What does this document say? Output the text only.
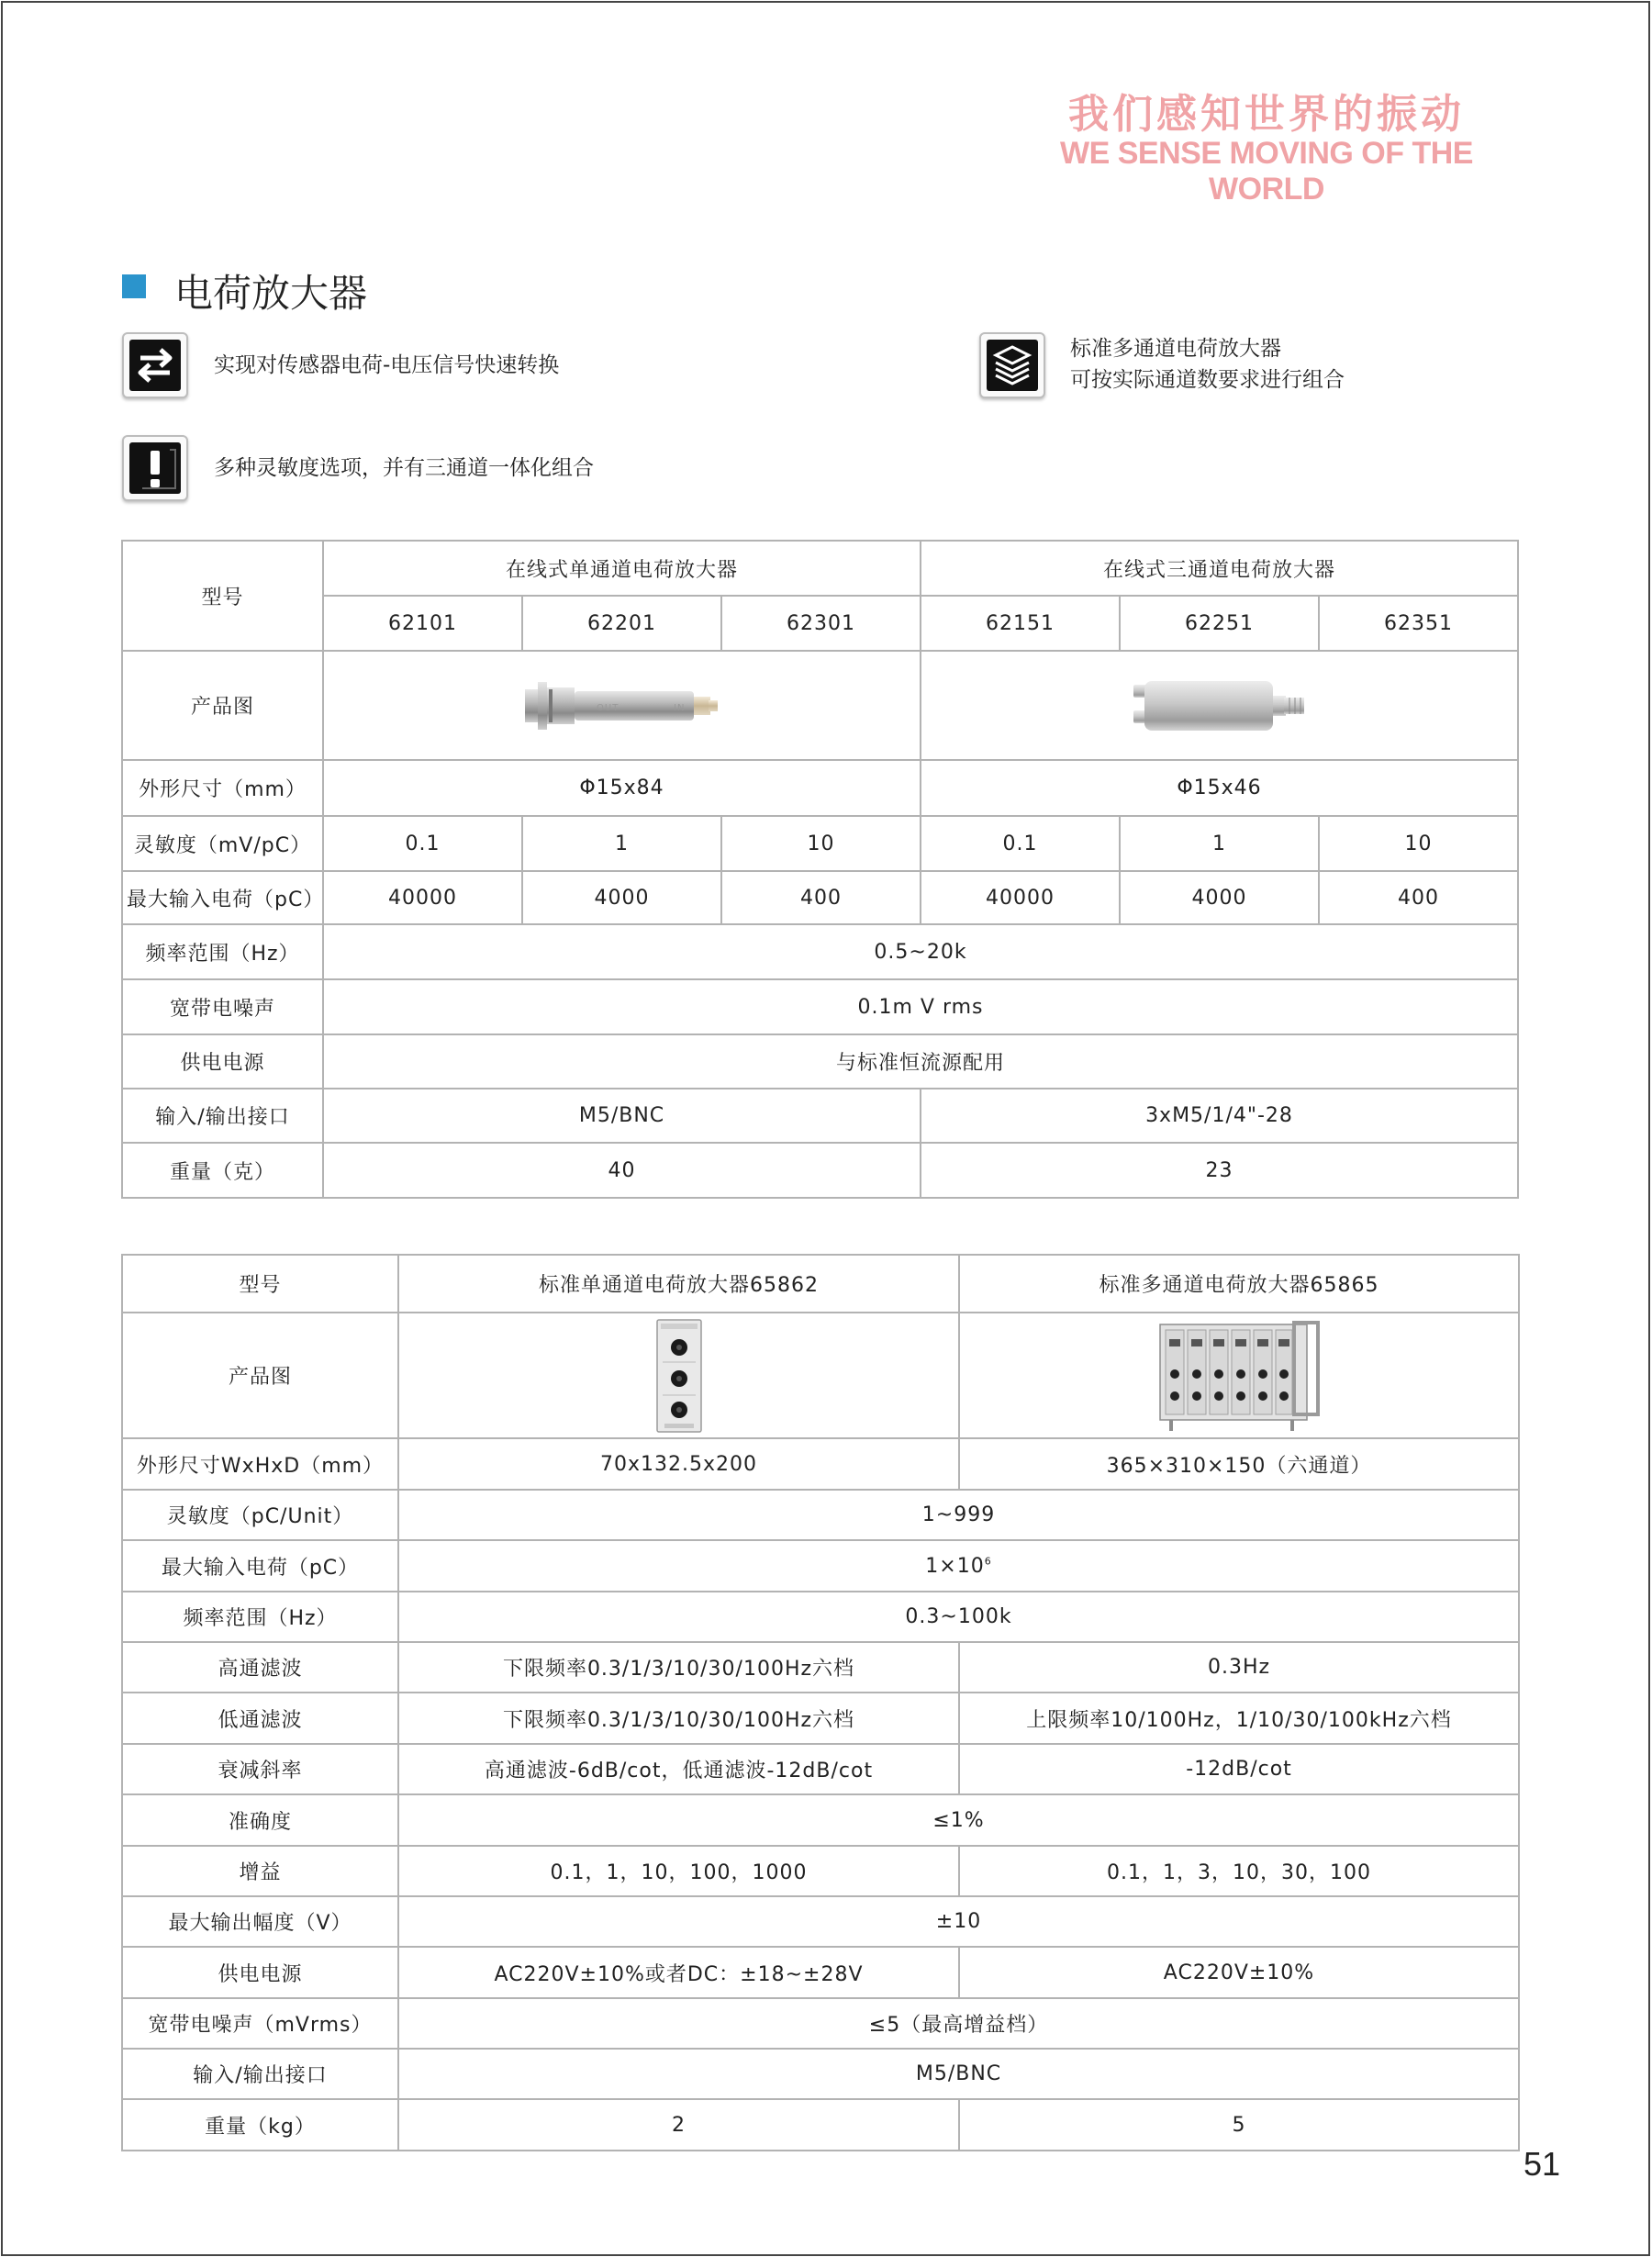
我们感知世界的振动
WE SENSE MOVING OF THE WORLD
电荷放大器
实现对传感器电荷-电压信号快速转换
标准多通道电荷放大器
可按实际通道数要求进行组合
多种灵敏度选项，并有三通道一体化组合
型号	在线式单通道电荷放大器			在线式三通道电荷放大器		
	62101	62201	62301	62151	62251	62351
产品图	OUT IN

外形尺寸（mm）	Φ15x84			Φ15x46		
灵敏度（mV/pC）	0.1	1	10	0.1	1	10
最大输入电荷（pC）	40000	4000	400	40000	4000	400
频率范围（Hz）	0.5~20k					
宽带电噪声	0.1m V rms					
供电电源	与标准恒流源配用					
输入/输出接口	M5/BNC			3xM5/1/4"-28		
重量（克）	40			23		
型号	标准单通道电荷放大器65862	标准多通道电荷放大器65865
产品图	

外形尺寸WxHxD（mm）	70x132.5x200	365×310×150（六通道）
灵敏度（pC/Unit）	1~999	
最大输入电荷（pC）	$1\times 10^6$
频率范围（Hz）	0.3~100k	
高通滤波	下限频率0.3/1/3/10/30/100Hz六档	0.3Hz
低通滤波	下限频率0.3/1/3/10/30/100Hz六档	上限频率10/100Hz，1/10/30/100kHz六档
衰减斜率	高通滤波-6dB/cot，低通滤波-12dB/cot	-12dB/cot
准确度	≤1%	
增益	0.1，1，10，100，1000	0.1，1，3，10，30，100
最大输出幅度（V）	±10	
供电电源	AC220V±10%或者DC：±18~±28V	AC220V±10%
宽带电噪声（mVrms）	≤5（最高增益档）	
输入/输出接口	M5/BNC	
重量（kg）	2	5
51
